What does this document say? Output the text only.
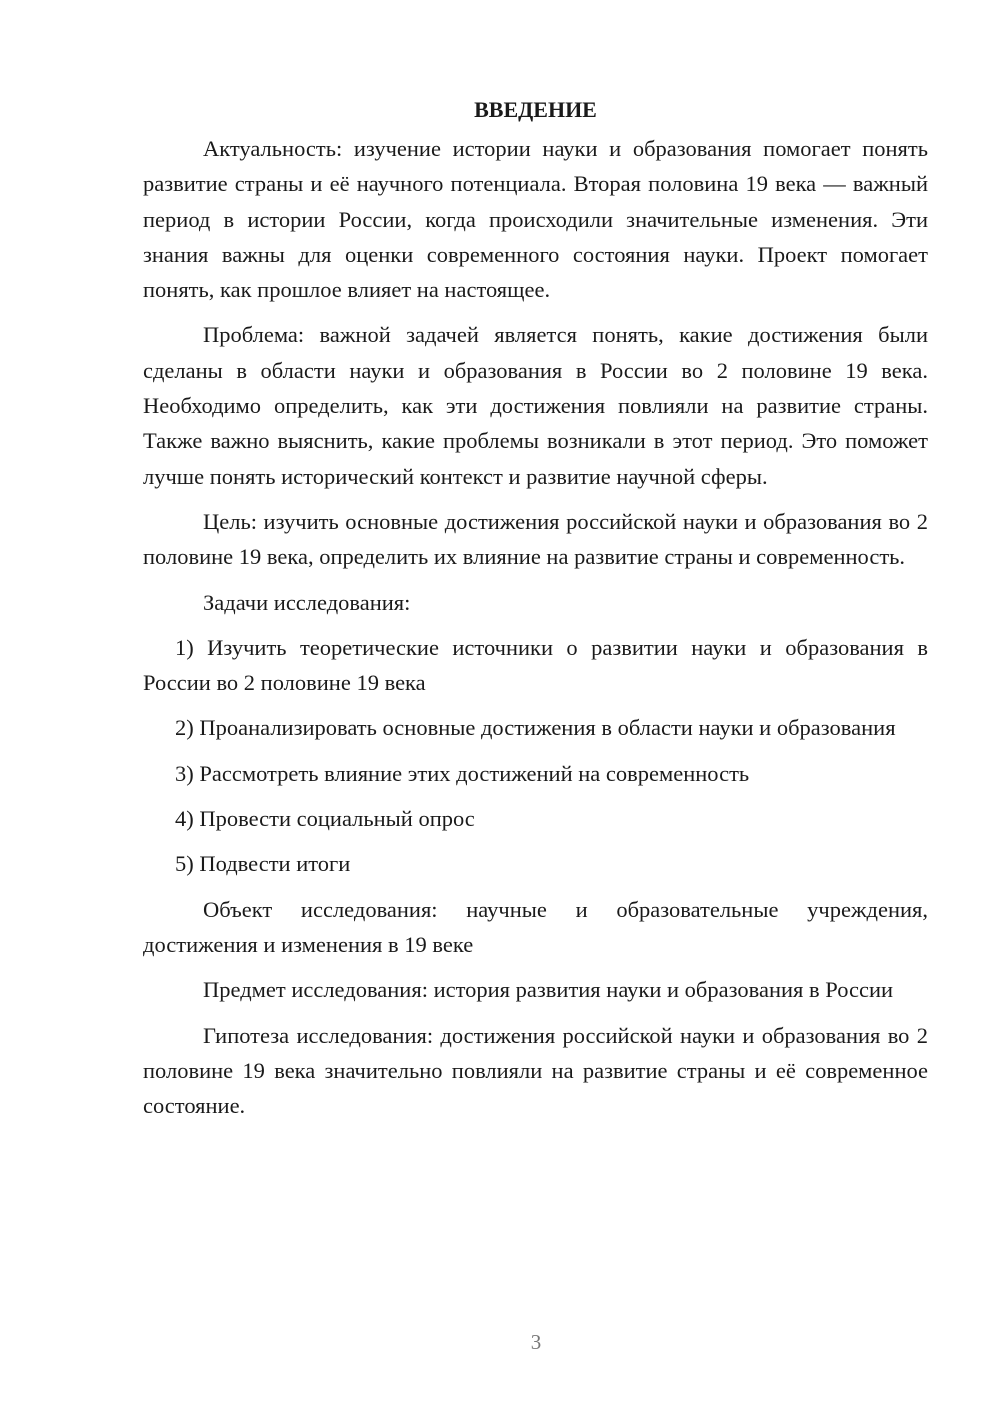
ВВЕДЕНИЕ

Актуальность: изучение истории науки и образования помогает понять развитие страны и её научного потенциала. Вторая половина 19 века — важный период в истории России, когда происходили значительные изменения. Эти знания важны для оценки современного состояния науки. Проект помогает понять, как прошлое влияет на настоящее.

Проблема: важной задачей является понять, какие достижения были сделаны в области науки и образования в России во 2 половине 19 века. Необходимо определить, как эти достижения повлияли на развитие страны. Также важно выяснить, какие проблемы возникали в этот период. Это поможет лучше понять исторический контекст и развитие научной сферы.

Цель: изучить основные достижения российской науки и образования во 2 половине 19 века, определить их влияние на развитие страны и современность.

Задачи исследования:

1) Изучить теоретические источники о развитии науки и образования в России во 2 половине 19 века

2) Проанализировать основные достижения в области науки и образования

3) Рассмотреть влияние этих достижений на современность

4) Провести социальный опрос

5) Подвести итоги

Объект исследования: научные и образовательные учреждения, достижения и изменения в 19 веке

Предмет исследования: история развития науки и образования в России

Гипотеза исследования: достижения российской науки и образования во 2 половине 19 века значительно повлияли на развитие страны и её современное состояние.

3
